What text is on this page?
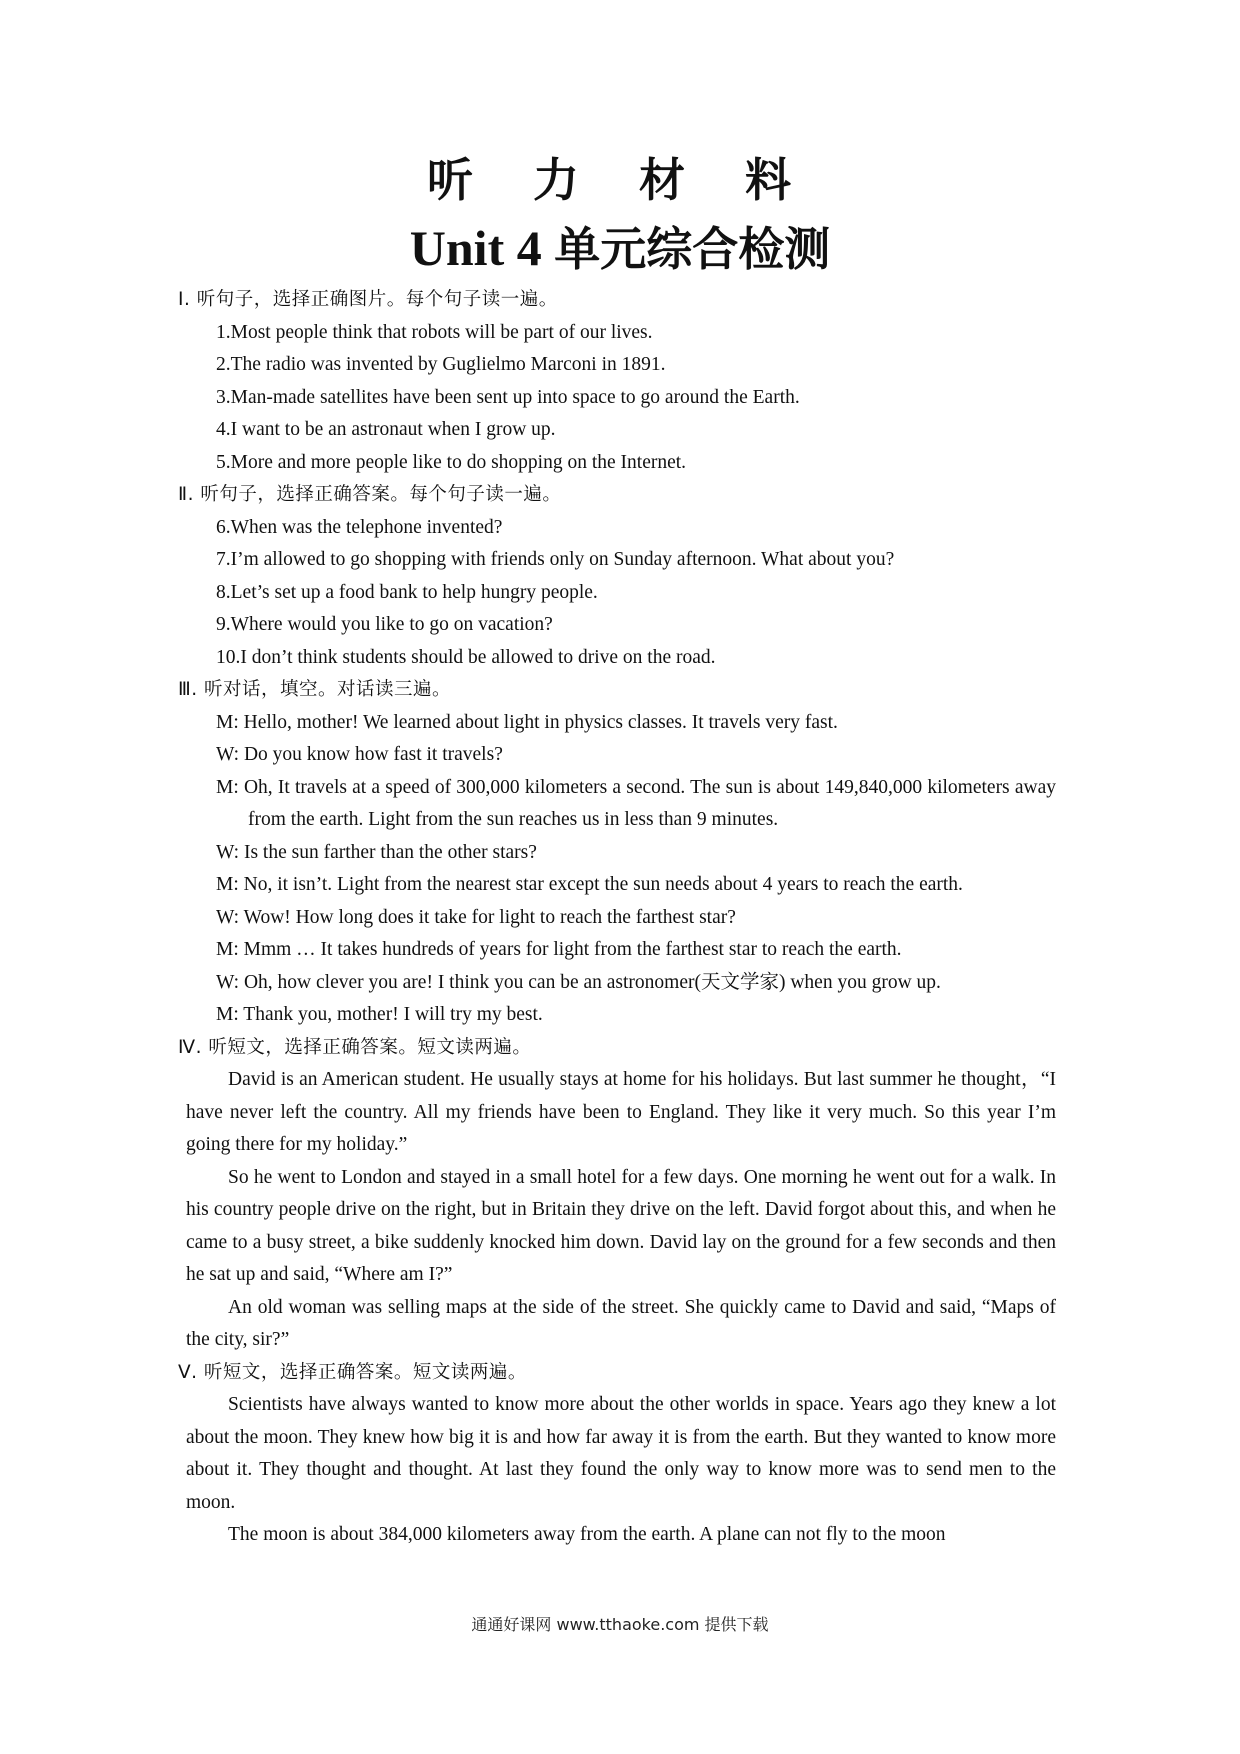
听 力 材 料
Unit 4 单元综合检测
Ⅰ. 听句子，选择正确图片。每个句子读一遍。
1.Most people think that robots will be part of our lives.
2.The radio was invented by Guglielmo Marconi in 1891.
3.Man-made satellites have been sent up into space to go around the Earth.
4.I want to be an astronaut when I grow up.
5.More and more people like to do shopping on the Internet.
Ⅱ. 听句子，选择正确答案。每个句子读一遍。
6.When was the telephone invented?
7.I’m allowed to go shopping with friends only on Sunday afternoon. What about you?
8.Let’s set up a food bank to help hungry people.
9.Where would you like to go on vacation?
10.I don’t think students should be allowed to drive on the road.
Ⅲ. 听对话，填空。对话读三遍。
M: Hello, mother! We learned about light in physics classes. It travels very fast.
W: Do you know how fast it travels?
M: Oh, It travels at a speed of 300,000 kilometers a second. The sun is about 149,840,000 kilometers away from the earth. Light from the sun reaches us in less than 9 minutes.
W: Is the sun farther than the other stars?
M: No, it isn’t. Light from the nearest star except the sun needs about 4 years to reach the earth.
W: Wow! How long does it take for light to reach the farthest star?
M: Mmm … It takes hundreds of years for light from the farthest star to reach the earth.
W: Oh, how clever you are! I think you can be an astronomer(天文学家) when you grow up.
M: Thank you, mother! I will try my best.
Ⅳ. 听短文，选择正确答案。短文读两遍。
David is an American student. He usually stays at home for his holidays. But last summer he thought，“I have never left the country. All my friends have been to England. They like it very much. So this year I’m going there for my holiday.”
So he went to London and stayed in a small hotel for a few days. One morning he went out for a walk. In his country people drive on the right, but in Britain they drive on the left. David forgot about this, and when he came to a busy street, a bike suddenly knocked him down. David lay on the ground for a few seconds and then he sat up and said, “Where am I?”
An old woman was selling maps at the side of the street. She quickly came to David and said, “Maps of the city, sir?”
Ⅴ. 听短文，选择正确答案。短文读两遍。
Scientists have always wanted to know more about the other worlds in space. Years ago they knew a lot about the moon. They knew how big it is and how far away it is from the earth. But they wanted to know more about it. They thought and thought. At last they found the only way to know more was to send men to the moon.
The moon is about 384,000 kilometers away from the earth. A plane can not fly to the moon
通通好课网 www.tthaoke.com 提供下载
